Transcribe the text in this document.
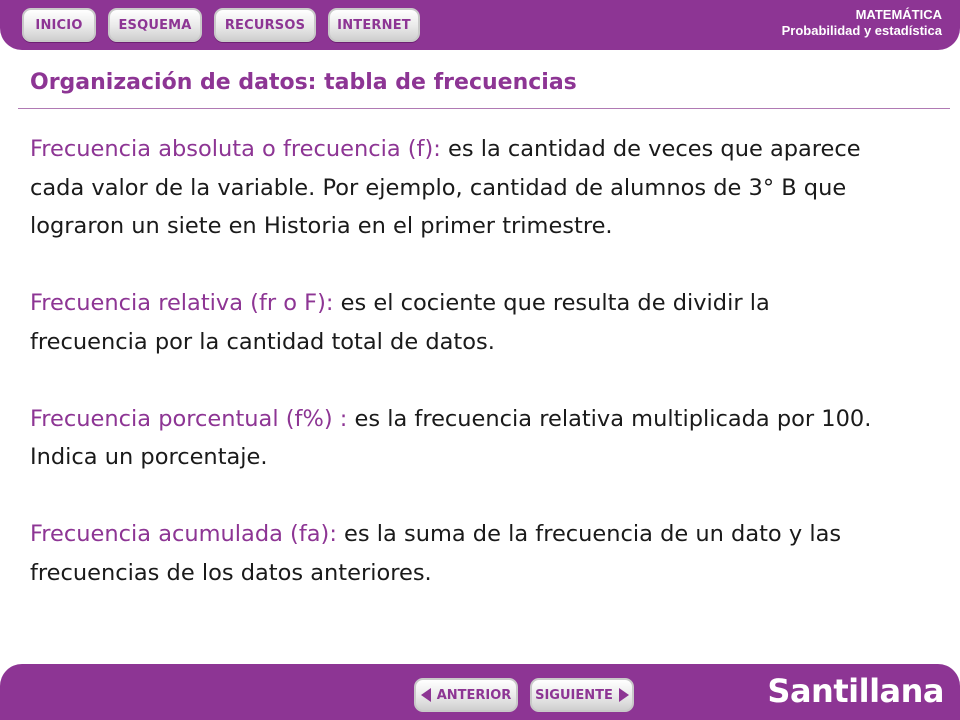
INICIO	ESQUEMA	RECURSOS	INTERNET
MATEMÁTICA
Probabilidad y estadística
Organización de datos: tabla de frecuencias

Frecuencia absoluta o frecuencia (f): es la cantidad de veces que aparece cada valor de la variable. Por ejemplo, cantidad de alumnos de 3° B que lograron un siete en Historia en el primer trimestre.

Frecuencia relativa (fr o F): es el cociente que resulta de dividir la frecuencia por la cantidad total de datos.

Frecuencia porcentual (f%) : es la frecuencia relativa multiplicada por 100. Indica un porcentaje.

Frecuencia acumulada (fa): es la suma de la frecuencia de un dato y las frecuencias de los datos anteriores.

ANTERIOR SIGUIENTE	Santillana
